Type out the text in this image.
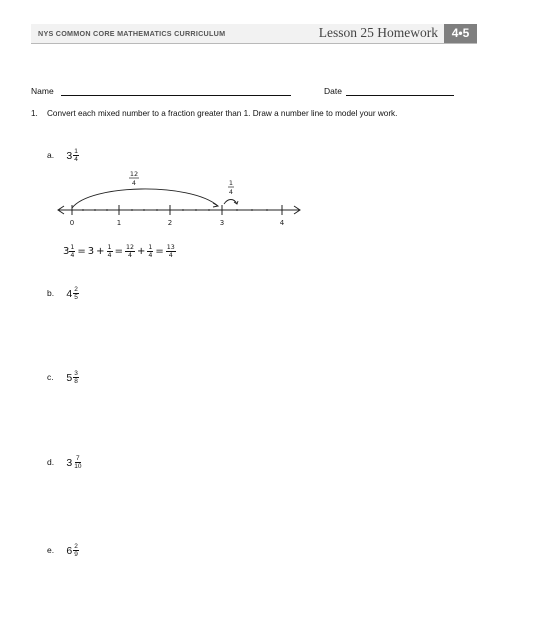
NYS COMMON CORE MATHEMATICS CURRICULUM	Lesson 25 Homework	4•5
Name	Date
1. Convert each mixed number to a fraction greater than 1. Draw a number line to model your work.
a. $3 \frac{1}{4}$
0	1	2	3	4
12
4	1
4
$3 \frac{1}{4} = 3 + \frac{1}{4} = \frac{12}{4} + \frac{1}{4} = \frac{13}{4}$
b. $4 \frac{2}{5}$
c. $5 \frac{3}{8}$
d. $3 \frac{7}{10}$
e. $6 \frac{2}{9}$
